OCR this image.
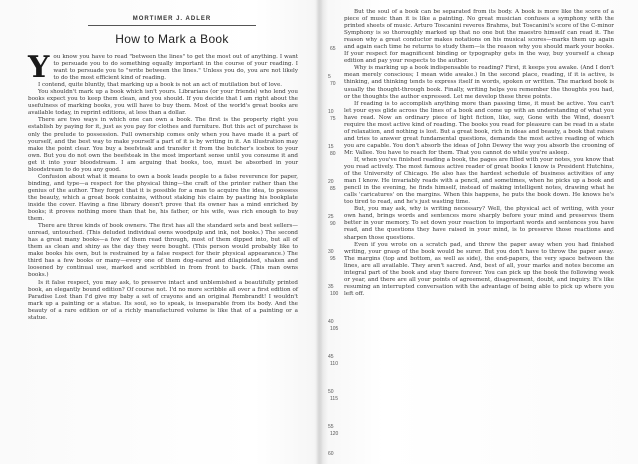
MORTIMER J. ADLER
How to Mark a Book

You know you have to read "between the lines" to get the most out of anything. I want to persuade you to do something equally important in the course of your reading. I want to persuade you to "write between the lines." Unless you do, you are not likely to do the most efficient kind of reading.

I contend, quite bluntly, that marking up a book is not an act of mutilation but of love.

You shouldn't mark up a book which isn't yours. Librarians (or your friends) who lend you books expect you to keep them clean, and you should. If you decide that I am right about the usefulness of marking books, you will have to buy them. Most of the world's great books are available today, in reprint editions, at less than a dollar.

There are two ways in which one can own a book. The first is the property right you establish by paying for it, just as you pay for clothes and furniture. But this act of purchase is only the prelude to possession. Full ownership comes only when you have made it a part of yourself, and the best way to make yourself a part of it is by writing in it. An illustration may make the point clear. You buy a beefsteak and transfer it from the butcher's icebox to your own. But you do not own the beefsteak in the most important sense until you consume it and get it into your bloodstream. I am arguing that books, too, must be absorbed in your bloodstream to do you any good.

Confusion about what it means to own a book leads people to a false reverence for paper, binding, and type—a respect for the physical thing—the craft of the printer rather than the genius of the author. They forget that it is possible for a man to acquire the idea, to possess the beauty, which a great book contains, without staking his claim by pasting his bookplate inside the cover. Having a fine library doesn't prove that its owner has a mind enriched by books; it proves nothing more than that he, his father, or his wife, was rich enough to buy them.

There are three kinds of book owners. The first has all the standard sets and best sellers—unread, untouched. (This deluded individual owns woodpulp and ink, not books.) The second has a great many books—a few of them read through, most of them dipped into, but all of them as clean and shiny as the day they were bought. (This person would probably like to make books his own, but is restrained by a false respect for their physical appearance.) The third has a few books or many—every one of them dog-eared and dilapidated, shaken and loosened by continual use, marked and scribbled in from front to back. (This man owns books.)

Is it false respect, you may ask, to preserve intact and unblemished a beautifully printed book, an elegantly bound edition? Of course not. I'd no more scribble all over a first edition of Paradise Lost than I'd give my baby a set of crayons and an original Rembrandt! I wouldn't mark up a painting or a statue. Its soul, so to speak, is inseparable from its body. And the beauty of a rare edition or of a richly manufactured volume is like that of a painting or a statue.

5
10
15
20
25
30
35
40
45
50
55
60
65
70
75
80
85
90
95
100
105
110
115
120

But the soul of a book can be separated from its body. A book is more like the score of a piece of music than it is like a painting. No great musician confuses a symphony with the printed sheets of music. Arturo Toscanini reveres Brahms, but Toscanini's score of the C-minor Symphony is so thoroughly marked up that no one but the maestro himself can read it. The reason why a great conductor makes notations on his musical scores—marks them up again and again each time he returns to study them—is the reason why you should mark your books. If your respect for magnificent binding or typography gets in the way, buy yourself a cheap edition and pay your respects to the author.

Why is marking up a book indispensable to reading? First, it keeps you awake. (And I don't mean merely conscious; I mean wide awake.) In the second place, reading, if it is active, is thinking, and thinking tends to express itself in words, spoken or written. The marked book is usually the thought-through book. Finally, writing helps you remember the thoughts you had, or the thoughts the author expressed. Let me develop these three points.

If reading is to accomplish anything more than passing time, it must be active. You can't let your eyes glide across the lines of a book and come up with an understanding of what you have read. Now an ordinary piece of light fiction, like, say, Gone with the Wind, doesn't require the most active kind of reading. The books you read for pleasure can be read in a state of relaxation, and nothing is lost. But a great book, rich in ideas and beauty, a book that raises and tries to answer great fundamental questions, demands the most active reading of which you are capable. You don't absorb the ideas of John Dewey the way you absorb the crooning of Mr. Vallee. You have to reach for them. That you cannot do while you're asleep.

If, when you've finished reading a book, the pages are filled with your notes, you know that you read actively. The most famous active reader of great books I know is President Hutchins, of the University of Chicago. He also has the hardest schedule of business activities of any man I know. He invariably reads with a pencil, and sometimes, when he picks up a book and pencil in the evening, he finds himself, instead of making intelligent notes, drawing what he calls 'caricatures' on the margins. When this happens, he puts the book down. He knows he's too tired to read, and he's just wasting time.

But, you may ask, why is writing necessary? Well, the physical act of writing, with your own hand, brings words and sentences more sharply before your mind and preserves them better in your memory. To set down your reaction to important words and sentences you have read, and the questions they have raised in your mind, is to preserve those reactions and sharpen those questions.

Even if you wrote on a scratch pad, and threw the paper away when you had finished writing, your grasp of the book would be surer. But you don't have to throw the paper away. The margins (top and bottom, as well as side), the end-papers, the very space between the lines, are all available. They aren't sacred. And, best of all, your marks and notes become an integral part of the book and stay there forever. You can pick up the book the following week or year, and there are all your points of agreement, disagreement, doubt, and inquiry. It's like resuming an interrupted conversation with the advantage of being able to pick up where you left off.
